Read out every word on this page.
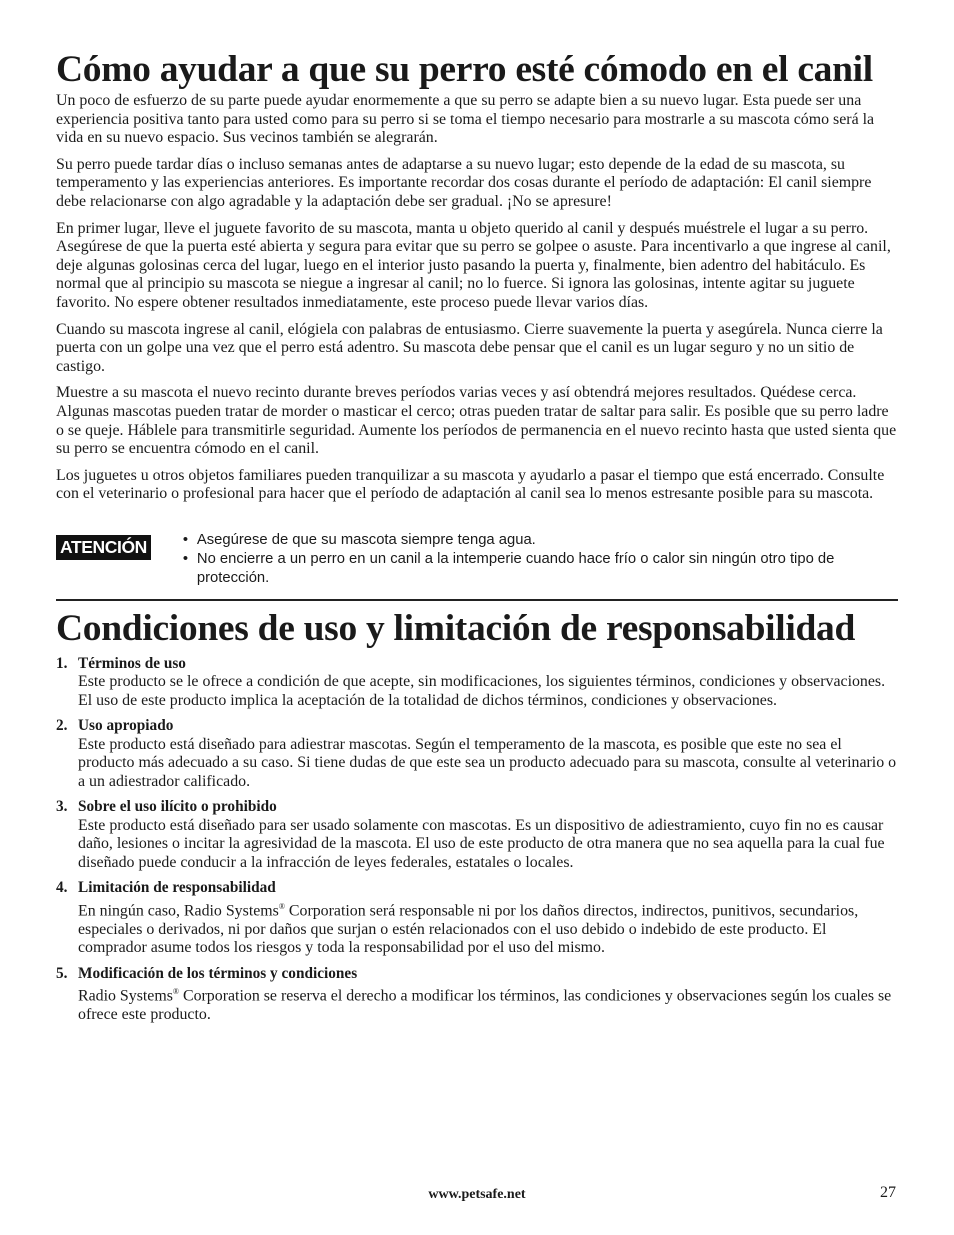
Cómo ayudar a que su perro esté cómodo en el canil

Un poco de esfuerzo de su parte puede ayudar enormemente a que su perro se adapte bien a su nuevo lugar. Esta puede ser una experiencia positiva tanto para usted como para su perro si se toma el tiempo necesario para mostrarle a su mascota cómo será la vida en su nuevo espacio. Sus vecinos también se alegrarán.

Su perro puede tardar días o incluso semanas antes de adaptarse a su nuevo lugar; esto depende de la edad de su mascota, su temperamento y las experiencias anteriores. Es importante recordar dos cosas durante el período de adaptación: El canil siempre debe relacionarse con algo agradable y la adaptación debe ser gradual. ¡No se apresure!

En primer lugar, lleve el juguete favorito de su mascota, manta u objeto querido al canil y después muéstrele el lugar a su perro. Asegúrese de que la puerta esté abierta y segura para evitar que su perro se golpee o asuste. Para incentivarlo a que ingrese al canil, deje algunas golosinas cerca del lugar, luego en el interior justo pasando la puerta y, finalmente, bien adentro del habitáculo. Es normal que al principio su mascota se niegue a ingresar al canil; no lo fuerce. Si ignora las golosinas, intente agitar su juguete favorito. No espere obtener resultados inmediatamente, este proceso puede llevar varios días.

Cuando su mascota ingrese al canil, elógiela con palabras de entusiasmo. Cierre suavemente la puerta y asegúrela. Nunca cierre la puerta con un golpe una vez que el perro está adentro. Su mascota debe pensar que el canil es un lugar seguro y no un sitio de castigo.

Muestre a su mascota el nuevo recinto durante breves períodos varias veces y así obtendrá mejores resultados. Quédese cerca. Algunas mascotas pueden tratar de morder o masticar el cerco; otras pueden tratar de saltar para salir. Es posible que su perro ladre o se queje. Háblele para transmitirle seguridad. Aumente los períodos de permanencia en el nuevo recinto hasta que usted sienta que su perro se encuentra cómodo en el canil.

Los juguetes u otros objetos familiares pueden tranquilizar a su mascota y ayudarlo a pasar el tiempo que está encerrado. Consulte con el veterinario o profesional para hacer que el período de adaptación al canil sea lo menos estresante posible para su mascota.

ATENCIÓN • Asegúrese de que su mascota siempre tenga agua.
• No encierre a un perro en un canil a la intemperie cuando hace frío o calor sin ningún otro tipo de protección.
Condiciones de uso y limitación de responsabilidad
1. Términos de uso
Este producto se le ofrece a condición de que acepte, sin modificaciones, los siguientes términos, condiciones y observaciones. El uso de este producto implica la aceptación de la totalidad de dichos términos, condiciones y observaciones.
2. Uso apropiado
Este producto está diseñado para adiestrar mascotas. Según el temperamento de la mascota, es posible que este no sea el producto más adecuado a su caso. Si tiene dudas de que este sea un producto adecuado para su mascota, consulte al veterinario o a un adiestrador calificado.
3. Sobre el uso ilícito o prohibido
Este producto está diseñado para ser usado solamente con mascotas. Es un dispositivo de adiestramiento, cuyo fin no es causar daño, lesiones o incitar la agresividad de la mascota. El uso de este producto de otra manera que no sea aquella para la cual fue diseñado puede conducir a la infracción de leyes federales, estatales o locales.
4. Limitación de responsabilidad
En ningún caso, Radio Systems® Corporation será responsable ni por los daños directos, indirectos, punitivos, secundarios, especiales o derivados, ni por daños que surjan o estén relacionados con el uso debido o indebido de este producto. El comprador asume todos los riesgos y toda la responsabilidad por el uso del mismo.
5. Modificación de los términos y condiciones
Radio Systems® Corporation se reserva el derecho a modificar los términos, las condiciones y observaciones según los cuales se ofrece este producto.
www.petsafe.net	27
